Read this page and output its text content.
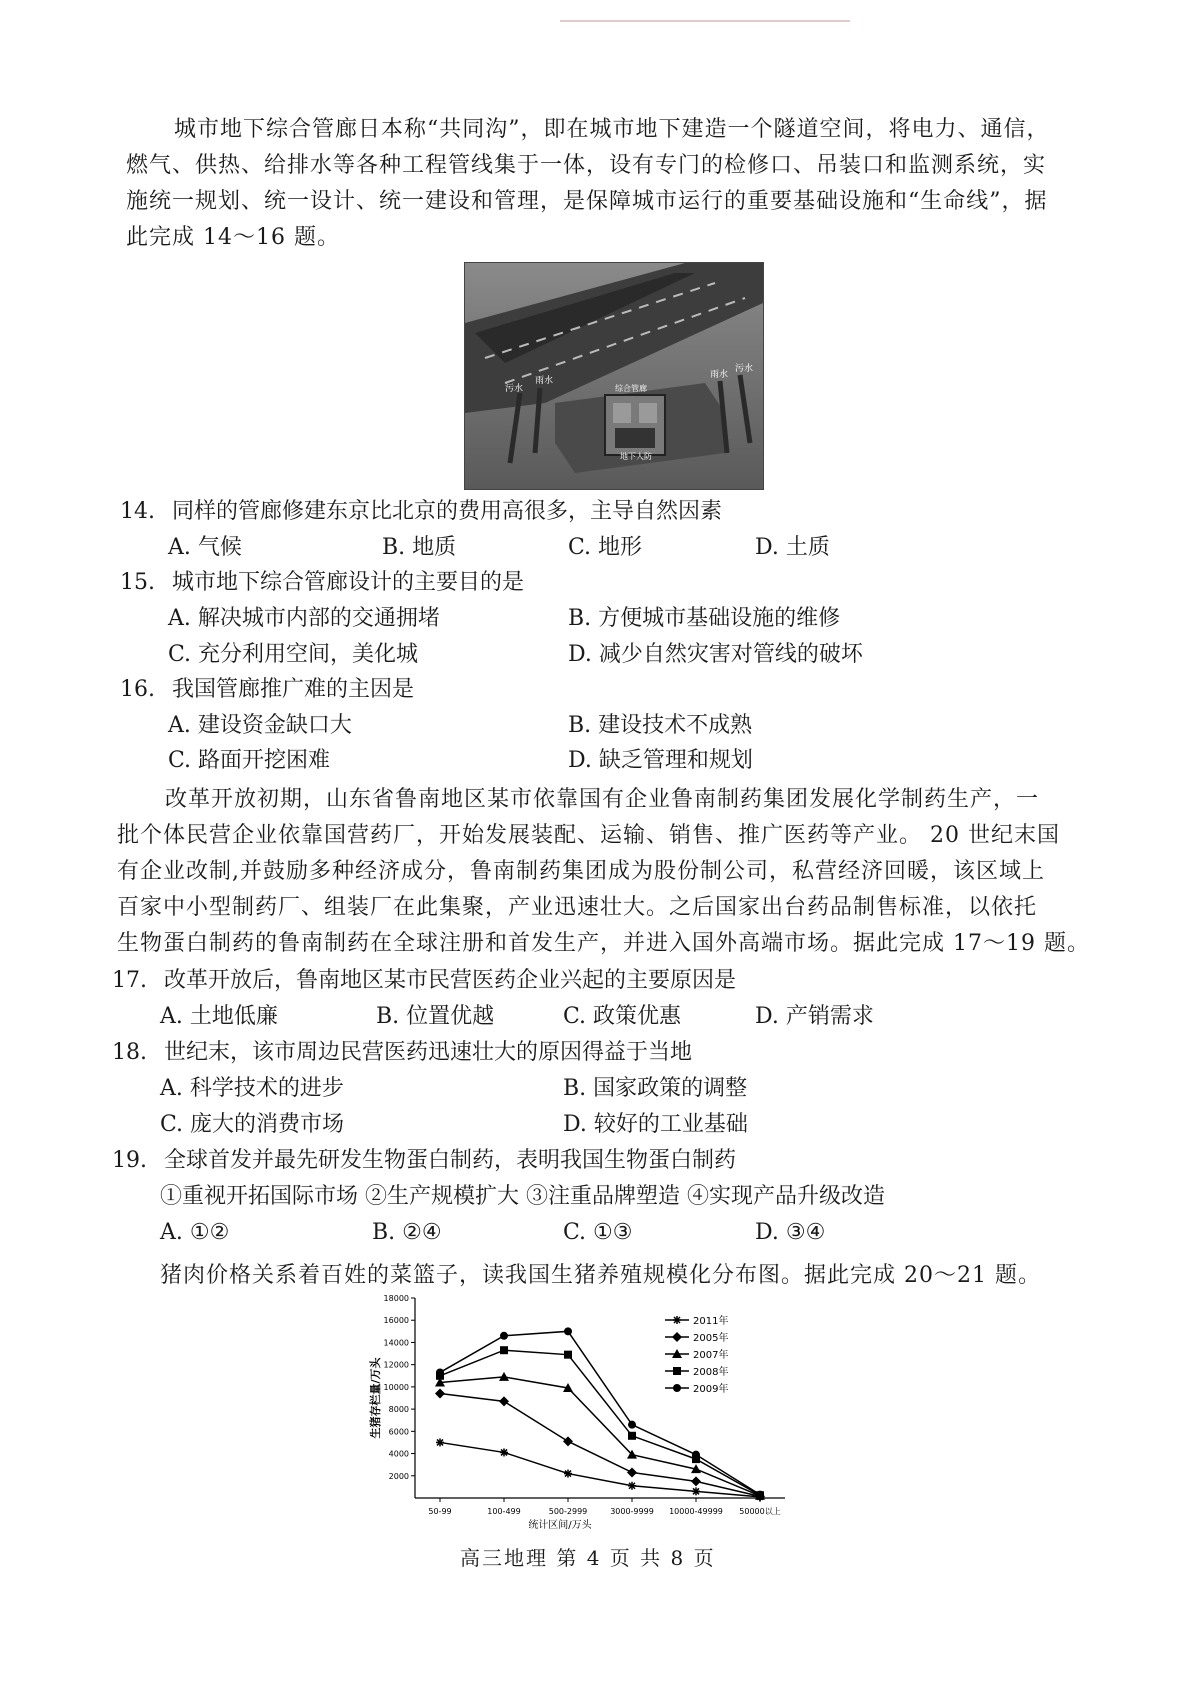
城市地下综合管廊日本称“共同沟”，即在城市地下建造一个隧道空间，将电力、通信，
燃气、供热、给排水等各种工程管线集于一体，设有专门的检修口、吊装口和监测系统，实
施统一规划、统一设计、统一建设和管理，是保障城市运行的重要基础设施和“生命线”，据
此完成 14～16 题。
污水
雨水
综合管廊
地下人防
雨水
污水
14. 同样的管廊修建东京比北京的费用高很多，主导自然因素
A. 气候	B. 地质	C. 地形	D. 土质
15. 城市地下综合管廊设计的主要目的是
A. 解决城市内部的交通拥堵	B. 方便城市基础设施的维修
C. 充分利用空间，美化城	D. 减少自然灾害对管线的破坏
16. 我国管廊推广难的主因是
A. 建设资金缺口大	B. 建设技术不成熟
C. 路面开挖困难	D. 缺乏管理和规划
改革开放初期，山东省鲁南地区某市依靠国有企业鲁南制药集团发展化学制药生产，一
批个体民营企业依靠国营药厂，开始发展装配、运输、销售、推广医药等产业。 20 世纪末国
有企业改制,并鼓励多种经济成分，鲁南制药集团成为股份制公司，私营经济回暖，该区域上
百家中小型制药厂、组装厂在此集聚，产业迅速壮大。之后国家出台药品制售标准，以依托
生物蛋白制药的鲁南制药在全球注册和首发生产，并进入国外高端市场。据此完成 17～19 题。
17. 改革开放后，鲁南地区某市民营医药企业兴起的主要原因是
A. 土地低廉	B. 位置优越	C. 政策优惠	D. 产销需求
18. 世纪末，该市周边民营医药迅速壮大的原因得益于当地
A. 科学技术的进步	B. 国家政策的调整
C. 庞大的消费市场	D. 较好的工业基础
19. 全球首发并最先研发生物蛋白制药，表明我国生物蛋白制药
①重视开拓国际市场 ②生产规模扩大 ③注重品牌塑造 ④实现产品升级改造
A. ①②	B. ②④	C. ①③	D. ③④
猪肉价格关系着百姓的菜篮子，读我国生猪养殖规模化分布图。据此完成 20～21 题。
2000
4000
6000
8000
10000
12000
14000
16000
18000
50-99	100-499	500-2999	3000-9999 10000-49999 50000以上
统计区间/万头
生猪存栏量/万头
2011年
2005年
2007年
2008年
2009年
高三地理 第 4 页 共 8 页
